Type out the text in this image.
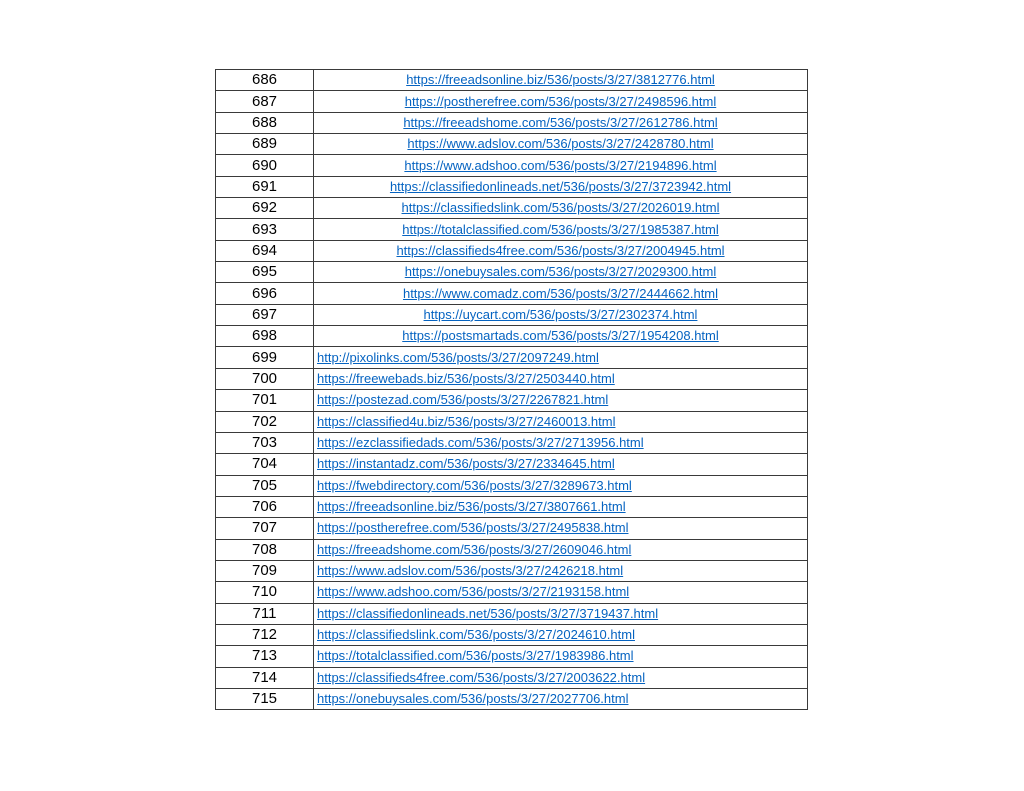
686	https://freeadsonline.biz/536/posts/3/27/3812776.html
687	https://postherefree.com/536/posts/3/27/2498596.html
688	https://freeadshome.com/536/posts/3/27/2612786.html
689	https://www.adslov.com/536/posts/3/27/2428780.html
690	https://www.adshoo.com/536/posts/3/27/2194896.html
691	https://classifiedonlineads.net/536/posts/3/27/3723942.html
692	https://classifiedslink.com/536/posts/3/27/2026019.html
693	https://totalclassified.com/536/posts/3/27/1985387.html
694	https://classifieds4free.com/536/posts/3/27/2004945.html
695	https://onebuysales.com/536/posts/3/27/2029300.html
696	https://www.comadz.com/536/posts/3/27/2444662.html
697	https://uycart.com/536/posts/3/27/2302374.html
698	https://postsmartads.com/536/posts/3/27/1954208.html
699	http://pixolinks.com/536/posts/3/27/2097249.html
700	https://freewebads.biz/536/posts/3/27/2503440.html
701	https://postezad.com/536/posts/3/27/2267821.html
702	https://classified4u.biz/536/posts/3/27/2460013.html
703	https://ezclassifiedads.com/536/posts/3/27/2713956.html
704	https://instantadz.com/536/posts/3/27/2334645.html
705	https://fwebdirectory.com/536/posts/3/27/3289673.html
706	https://freeadsonline.biz/536/posts/3/27/3807661.html
707	https://postherefree.com/536/posts/3/27/2495838.html
708	https://freeadshome.com/536/posts/3/27/2609046.html
709	https://www.adslov.com/536/posts/3/27/2426218.html
710	https://www.adshoo.com/536/posts/3/27/2193158.html
711	https://classifiedonlineads.net/536/posts/3/27/3719437.html
712	https://classifiedslink.com/536/posts/3/27/2024610.html
713	https://totalclassified.com/536/posts/3/27/1983986.html
714	https://classifieds4free.com/536/posts/3/27/2003622.html
715	https://onebuysales.com/536/posts/3/27/2027706.html
